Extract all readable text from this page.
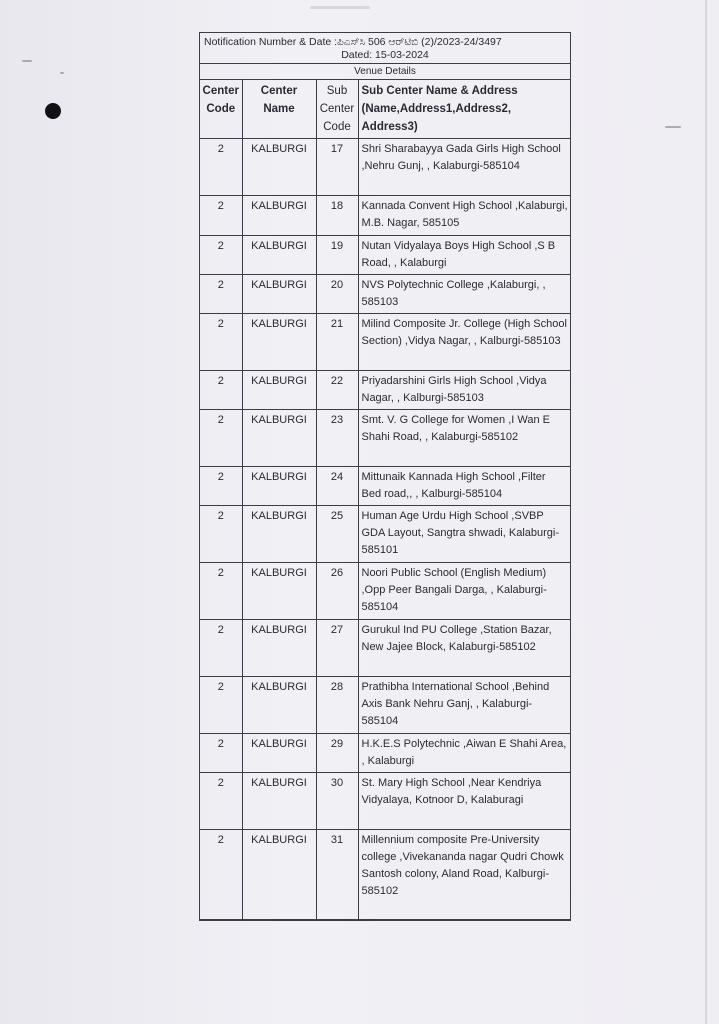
Notification Number & Date :ಪಿಎಸ್‌ಸಿ 506 ಆರ್‌ಟಿಬಿ (2)/2023-24/3497
Dated: 15-03-2024
Venue Details
Center Code	Center Name	Sub Center Code	Sub Center Name & Address (Name,Address1,Address2, Address3)
2	KALBURGI	17	Shri Sharabayya Gada Girls High School ,Nehru Gunj, , Kalaburgi-585104
2	KALBURGI	18	Kannada Convent High School ,Kalaburgi, M.B. Nagar, 585105
2	KALBURGI	19	Nutan Vidyalaya Boys High School ,S B Road, , Kalaburgi
2	KALBURGI	20	NVS Polytechnic College ,Kalaburgi, , 585103
2	KALBURGI	21	Milind Composite Jr. College (High School Section) ,Vidya Nagar, , Kalburgi-585103
2	KALBURGI	22	Priyadarshini Girls High School ,Vidya Nagar, , Kalburgi-585103
2	KALBURGI	23	Smt. V. G College for Women ,I Wan E Shahi Road, , Kalaburgi-585102
2	KALBURGI	24	Mittunaik Kannada High School ,Filter Bed road,, , Kalburgi-585104
2	KALBURGI	25	Human Age Urdu High School ,SVBP GDA Layout, Sangtra shwadi, Kalaburgi-585101
2	KALBURGI	26	Noori Public School (English Medium) ,Opp Peer Bangali Darga, , Kalaburgi-585104
2	KALBURGI	27	Gurukul Ind PU College ,Station Bazar, New Jajee Block, Kalaburgi-585102
2	KALBURGI	28	Prathibha International School ,Behind Axis Bank Nehru Ganj, , Kalaburgi-585104
2	KALBURGI	29	H.K.E.S Polytechnic ,Aiwan E Shahi Area, , Kalaburgi
2	KALBURGI	30	St. Mary High School ,Near Kendriya Vidyalaya, Kotnoor D, Kalaburagi
2	KALBURGI	31	Millennium composite Pre-University college ,Vivekananda nagar Qudri Chowk Santosh colony, Aland Road, Kalburgi-585102
